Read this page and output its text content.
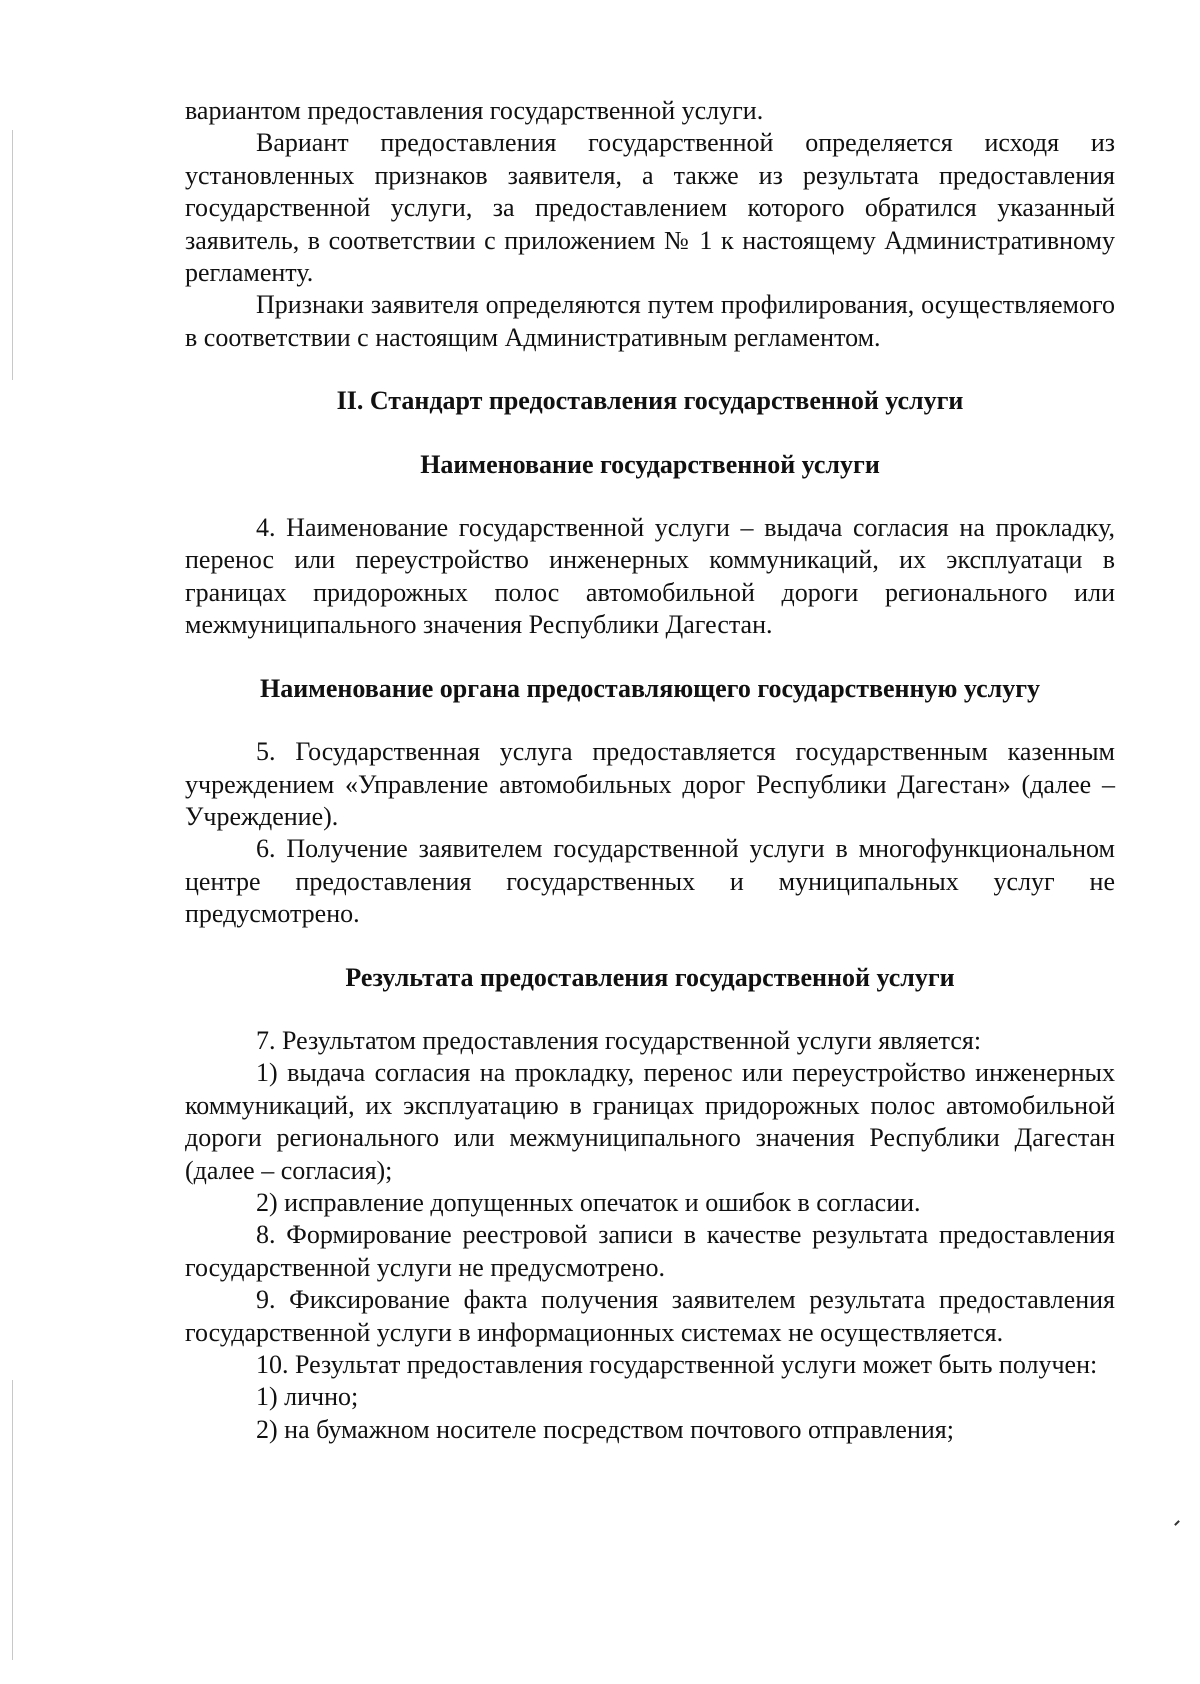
вариантом предоставления государственной услуги.

Вариант предоставления государственной определяется исходя из установленных признаков заявителя, а также из результата предоставления государственной услуги, за предоставлением которого обратился указанный заявитель, в соответствии с приложением № 1 к настоящему Административному регламенту.

Признаки заявителя определяются путем профилирования, осуществляемого в соответствии с настоящим Административным регламентом.

II. Стандарт предоставления государственной услуги

Наименование государственной услуги

4. Наименование государственной услуги – выдача согласия на прокладку, перенос или переустройство инженерных коммуникаций, их эксплуатаци в границах придорожных полос автомобильной дороги регионального или межмуниципального значения Республики Дагестан.

Наименование органа предоставляющего государственную услугу

5. Государственная услуга предоставляется государственным казенным учреждением «Управление автомобильных дорог Республики Дагестан» (далее – Учреждение).

6. Получение заявителем государственной услуги в многофункциональном центре предоставления государственных и муниципальных услуг не предусмотрено.

Результата предоставления государственной услуги

7. Результатом предоставления государственной услуги является:

1) выдача согласия на прокладку, перенос или переустройство инженерных коммуникаций, их эксплуатацию в границах придорожных полос автомобильной дороги регионального или межмуниципального значения Республики Дагестан (далее – согласия);

2) исправление допущенных опечаток и ошибок в согласии.

8. Формирование реестровой записи в качестве результата предоставления государственной услуги не предусмотрено.

9. Фиксирование факта получения заявителем результата предоставления государственной услуги в информационных системах не осуществляется.

10. Результат предоставления государственной услуги может быть получен:

1) лично;

2) на бумажном носителе посредством почтового отправления;
